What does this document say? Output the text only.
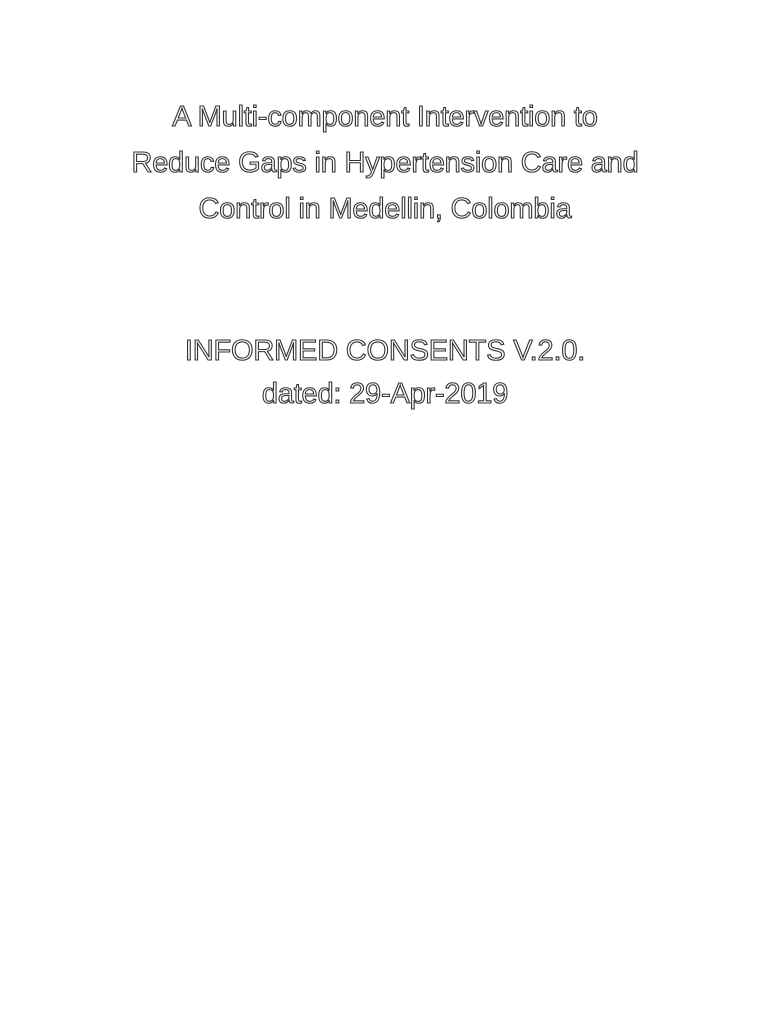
A Multi-component Intervention to

Reduce Gaps in Hypertension Care and

Control in Medellin, Colombia

INFORMED CONSENTS V.2.0.

dated: 29-Apr-2019
